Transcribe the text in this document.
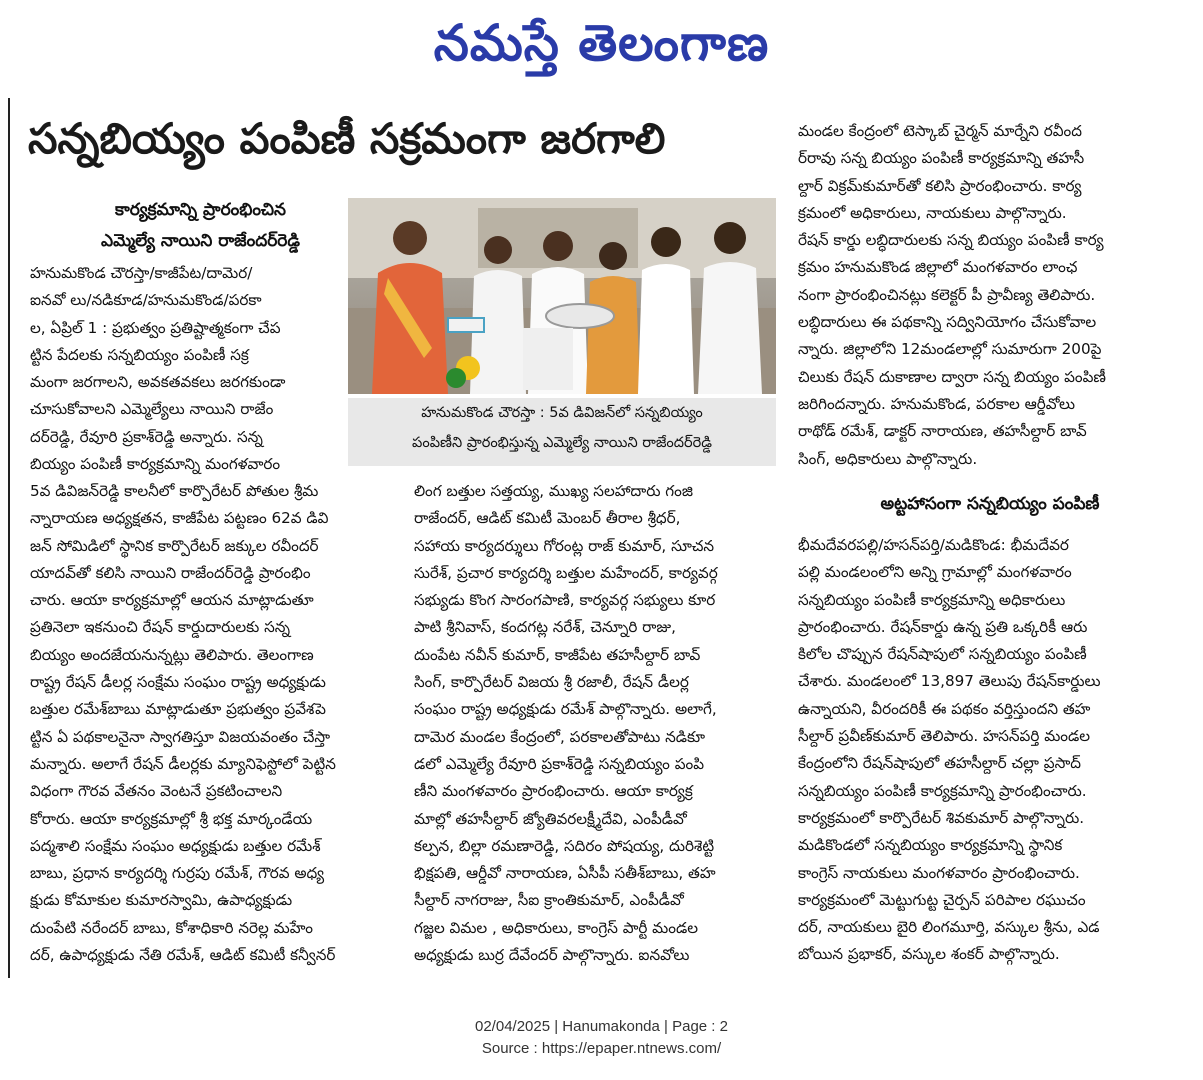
నమస్తే తెలంగాణ
సన్నబియ్యం పంపిణీ సక్రమంగా జరగాలి
కార్యక్రమాన్ని ప్రారంభించిన
ఎమ్మెల్యే నాయిని రాజేందర్‌రెడ్డి

హనుమకొండ చౌరస్తా/కాజీపేట/దామెర/

ఐనవో లు/నడికూడ/హనుమకొండ/పరకా

ల, ఏప్రిల్ 1 : ప్రభుత్వం ప్రతిష్టాత్మకంగా చేప

ట్టిన పేదలకు సన్నబియ్యం పంపిణీ సక్ర

మంగా జరగాలని, అవకతవకలు జరగకుండా

చూసుకోవాలని ఎమ్మెల్యేలు నాయిని రాజేం

దర్‌రెడ్డి, రేవూరి ప్రకాశ్‌రెడ్డి అన్నారు. సన్న

బియ్యం పంపిణీ కార్యక్రమాన్ని మంగళవారం

5వ డివిజన్‌రెడ్డి కాలనీలో కార్పొరేటర్ పోతుల శ్రీమ

న్నారాయణ అధ్యక్షతన, కాజీపేట పట్టణం 62వ డివి

జన్ సోమిడిలో స్థానిక కార్పొరేటర్ జక్కుల రవీందర్

యాదవ్‌తో కలిసి నాయిని రాజేందర్‌రెడ్డి ప్రారంభిం

చారు. ఆయా కార్యక్రమాల్లో ఆయన మాట్లాడుతూ

ప్రతినెలా ఇకనుంచి రేషన్ కార్డుదారులకు సన్న

బియ్యం అందజేయనున్నట్లు తెలిపారు. తెలంగాణ

రాష్ట్ర రేషన్ డీలర్ల సంక్షేమ సంఘం రాష్ట్ర అధ్యక్షుడు

బత్తుల రమేశ్‌బాబు మాట్లాడుతూ ప్రభుత్వం ప్రవేశపె

ట్టిన ఏ పథకాలనైనా స్వాగతిస్తూ విజయవంతం చేస్తా

మన్నారు. అలాగే రేషన్ డీలర్లకు మ్యానిఫెస్టోలో పెట్టిన

విధంగా గౌరవ వేతనం వెంటనే ప్రకటించాలని

కోరారు. ఆయా కార్యక్రమాల్లో శ్రీ భక్త మార్కండేయ

పద్మశాలి సంక్షేమ సంఘం అధ్యక్షుడు బత్తుల రమేశ్

బాబు, ప్రధాన కార్యదర్శి గుర్రపు రమేశ్, గౌరవ అధ్య

క్షుడు కోమాకుల కుమారస్వామి, ఉపాధ్యక్షుడు

దుంపేటి నరేందర్ బాబు, కోశాధికారి నరెల్ల మహేం

దర్, ఉపాధ్యక్షుడు నేతి రమేశ్, ఆడిట్ కమిటీ కన్వీనర్

హనుమకొండ చౌరస్తా : 5వ డివిజన్‌లో సన్నబియ్యం
పంపిణీని ప్రారంభిస్తున్న ఎమ్మెల్యే నాయిని రాజేందర్‌రెడ్డి

లింగ బత్తుల సత్తయ్య, ముఖ్య సలహాదారు గంజి

రాజేందర్, ఆడిట్ కమిటీ మెంబర్ తీరాల శ్రీధర్,

సహాయ కార్యదర్శులు గోరంట్ల రాజ్ కుమార్, సూచన

సురేశ్, ప్రచార కార్యదర్శి బత్తుల మహేందర్, కార్యవర్గ

సభ్యుడు కొంగ సారంగపాణి, కార్యవర్గ సభ్యులు కూర

పాటి శ్రీనివాస్, కందగట్ల నరేశ్, చెన్నూరి రాజు,

దుంపేట నవీన్ కుమార్, కాజీపేట తహసీల్దార్ బావ్

సింగ్, కార్పొరేటర్ విజయ శ్రీ రజాలీ, రేషన్ డీలర్ల

సంఘం రాష్ట్ర అధ్యక్షుడు రమేశ్ పాల్గొన్నారు. అలాగే,

దామెర మండల కేంద్రంలో, పరకాలతోపాటు నడికూ

డలో ఎమ్మెల్యే రేవూరి ప్రకాశ్‌రెడ్డి సన్నబియ్యం పంపి

ణీని మంగళవారం ప్రారంభించారు. ఆయా కార్యక్ర

మాల్లో తహసీల్దార్ జ్యోతివరలక్ష్మీదేవి, ఎంపీడీవో

కల్పన, బిల్లా రమణారెడ్డి, సదిరం పోషయ్య, దురిశెట్టి

భిక్షపతి, ఆర్డీవో నారాయణ, ఏసీపీ సతీశ్‌బాబు, తహ

సీల్దార్ నాగరాజు, సీఐ క్రాంతికుమార్, ఎంపీడీవో

గజ్జల విమల , అధికారులు, కాంగ్రెస్ పార్టీ మండల

అధ్యక్షుడు బుర్ర దేవేందర్ పాల్గొన్నారు. ఐనవోలు

మండల కేంద్రంలో టెస్కాబ్ చైర్మన్ మార్నేని రవీంద

ర్‌రావు సన్న బియ్యం పంపిణీ కార్యక్రమాన్ని తహసీ

ల్దార్ విక్రమ్‌కుమార్‌తో కలిసి ప్రారంభించారు. కార్య

క్రమంలో అధికారులు, నాయకులు పాల్గొన్నారు.

రేషన్ కార్డు లబ్ధిదారులకు సన్న బియ్యం పంపిణీ కార్య

క్రమం హనుమకొండ జిల్లాలో మంగళవారం లాంఛ

నంగా ప్రారంభించినట్లు కలెక్టర్ పీ ప్రావీణ్య తెలిపారు.

లబ్ధిదారులు ఈ పథకాన్ని సద్వినియోగం చేసుకోవాల

న్నారు. జిల్లాలోని 12మండలాల్లో సుమారుగా 200పై

చిలుకు రేషన్ దుకాణాల ద్వారా సన్న బియ్యం పంపిణీ

జరిగిందన్నారు. హనుమకొండ, పరకాల ఆర్డీవోలు

రాథోడ్ రమేశ్, డాక్టర్ నారాయణ, తహసీల్దార్ బావ్

సింగ్, అధికారులు పాల్గొన్నారు.

అట్టహాసంగా సన్నబియ్యం పంపిణీ

భీమదేవరపల్లి/హసన్‌పర్తి/మడికొండ: భీమదేవర

పల్లి మండలంలోని అన్ని గ్రామాల్లో మంగళవారం

సన్నబియ్యం పంపిణీ కార్యక్రమాన్ని అధికారులు

ప్రారంభించారు. రేషన్‌కార్డు ఉన్న ప్రతి ఒక్కరికీ ఆరు

కిలోల చొప్పున రేషన్‌షాపులో సన్నబియ్యం పంపిణీ

చేశారు. మండలంలో 13,897 తెలుపు రేషన్‌కార్డులు

ఉన్నాయని, వీరందరికీ ఈ పథకం వర్తిస్తుందని తహ

సీల్దార్ ప్రవీణ్‌కుమార్ తెలిపారు. హసన్‌పర్తి మండల

కేంద్రంలోని రేషన్‌షాపులో తహసీల్దార్ చల్లా ప్రసాద్

సన్నబియ్యం పంపిణీ కార్యక్రమాన్ని ప్రారంభించారు.

కార్యక్రమంలో కార్పొరేటర్ శివకుమార్ పాల్గొన్నారు.

మడికొండలో సన్నబియ్యం కార్యక్రమాన్ని స్థానిక

కాంగ్రెస్ నాయకులు మంగళవారం ప్రారంభించారు.

కార్యక్రమంలో మెట్టుగుట్ట చైర్పన్ పరిపాల రఘుచం

దర్, నాయకులు బైరి లింగమూర్తి, వస్కుల శ్రీను, ఎడ

బోయిన ప్రభాకర్, వస్కుల శంకర్ పాల్గొన్నారు.

02/04/2025 | Hanumakonda | Page : 2
Source : https://epaper.ntnews.com/
